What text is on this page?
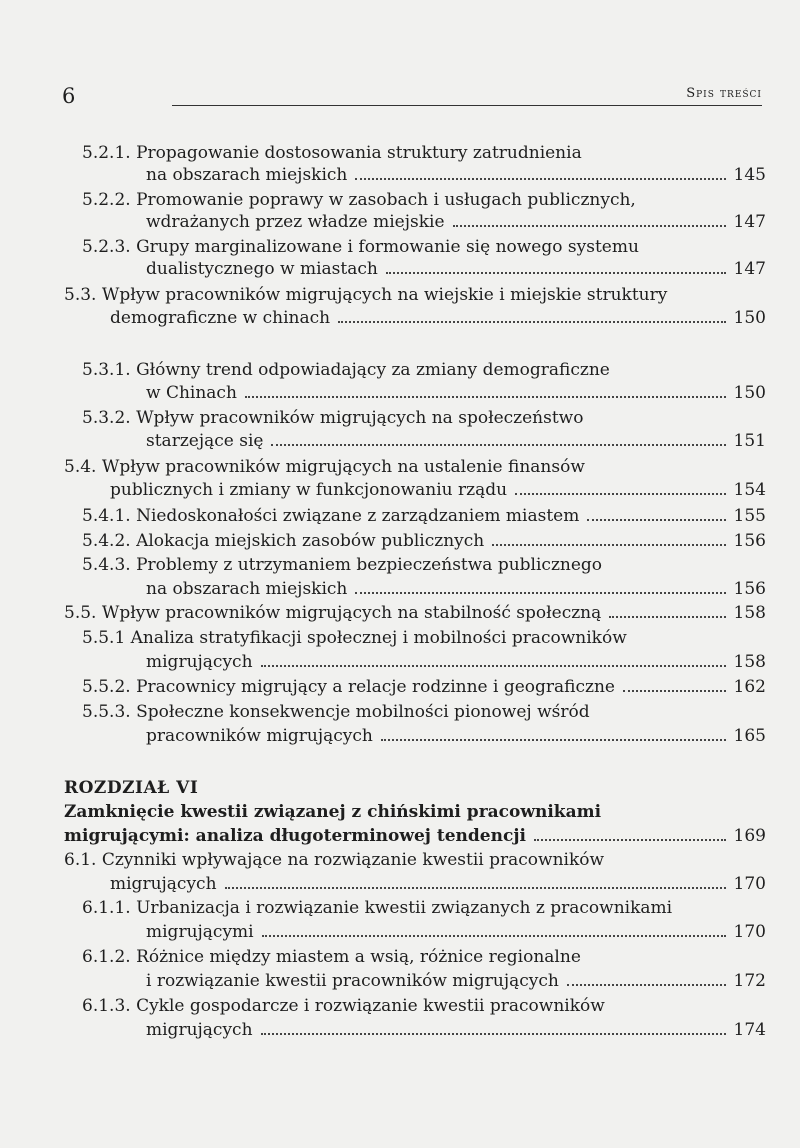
6	Spis treści
5.2.1. Propagowanie dostosowania struktury zatrudnienia
na obszarach miejskich	145
5.2.2. Promowanie poprawy w zasobach i usługach publicznych,
wdrażanych przez władze miejskie	147
5.2.3. Grupy marginalizowane i formowanie się nowego systemu
dualistycznego w miastach	147
5.3. Wpływ pracowników migrujących na wiejskie i miejskie struktury
demograficzne w chinach	150
5.3.1. Główny trend odpowiadający za zmiany demograficzne
w Chinach	150
5.3.2. Wpływ pracowników migrujących na społeczeństwo
starzejące się	151
5.4. Wpływ pracowników migrujących na ustalenie finansów
publicznych i zmiany w funkcjonowaniu rządu	154
5.4.1. Niedoskonałości związane z zarządzaniem miastem	155
5.4.2. Alokacja miejskich zasobów publicznych	156
5.4.3. Problemy z utrzymaniem bezpieczeństwa publicznego
na obszarach miejskich	156
5.5. Wpływ pracowników migrujących na stabilność społeczną	158
5.5.1 Analiza stratyfikacji społecznej i mobilności pracowników
migrujących	158
5.5.2. Pracownicy migrujący a relacje rodzinne i geograficzne	162
5.5.3. Społeczne konsekwencje mobilności pionowej wśród
pracowników migrujących	165
ROZDZIAŁ VI
Zamknięcie kwestii związanej z chińskimi pracownikami
migrującymi: analiza długoterminowej tendencji	169
6.1. Czynniki wpływające na rozwiązanie kwestii pracowników
migrujących	170
6.1.1. Urbanizacja i rozwiązanie kwestii związanych z pracownikami
migrującymi	170
6.1.2. Różnice między miastem a wsią, różnice regionalne
i rozwiązanie kwestii pracowników migrujących	172
6.1.3. Cykle gospodarcze i rozwiązanie kwestii pracowników
migrujących	174
